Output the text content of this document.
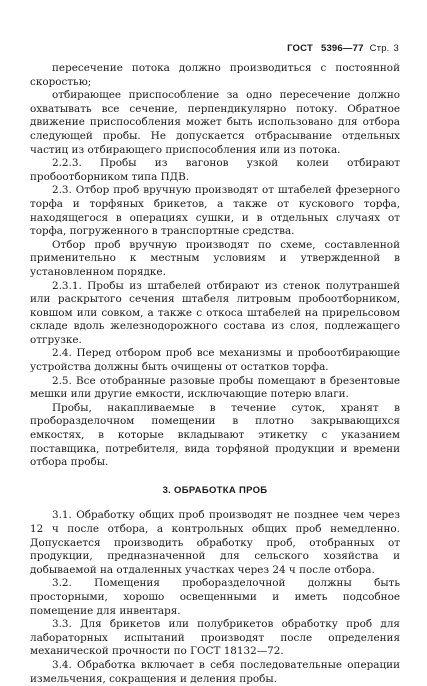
ГОСТ 5396—77 Стр. 3

пересечение потока должно производиться с постоянной скоростью;

отбирающее приспособление за одно пересечение должно охватывать все сечение, перпендикулярно потоку. Обратное движение приспособления может быть использовано для отбора следующей пробы. Не допускается отбрасывание отдельных частиц из отбирающего приспособления или из потока.

2.2.3. Пробы из вагонов узкой колеи отбирают пробоотборником типа ПДВ.

2.3. Отбор проб вручную производят от штабелей фрезерного торфа и торфяных брикетов, а также от кускового торфа, находящегося в операциях сушки, и в отдельных случаях от торфа, погруженного в транспортные средства.

Отбор проб вручную производят по схеме, составленной применительно к местным условиям и утвержденной в установленном порядке.

2.3.1. Пробы из штабелей отбирают из стенок полутраншей или раскрытого сечения штабеля литровым пробоотборником, ковшом или совком, а также с откоса штабелей на прирельсовом складе вдоль железнодорожного состава из слоя, подлежащего отгрузке.

2.4. Перед отбором проб все механизмы и пробоотбирающие устройства должны быть очищены от остатков торфа.

2.5. Все отобранные разовые пробы помещают в брезентовые мешки или другие емкости, исключающие потерю влаги.

Пробы, накапливаемые в течение суток, хранят в проборазделочном помещении в плотно закрывающихся емкостях, в которые вкладывают этикетку с указанием поставщика, потребителя, вида торфяной продукции и времени отбора пробы.

3. ОБРАБОТКА ПРОБ

3.1. Обработку общих проб производят не позднее чем через 12 ч после отбора, а контрольных общих проб немедленно. Допускается производить обработку проб, отобранных от продукции, предназначенной для сельского хозяйства и добываемой на отдаленных участках через 24 ч после отбора.

3.2. Помещения пробоpазделочной должны быть просторными, хорошо освещенными и иметь подсобное помещение для инвентаря.

3.3. Для брикетов или полубрикетов обработку проб для лабораторных испытаний производят после определения механической прочности по ГОСТ 18132—72.

3.4. Обработка включает в себя последовательные операции измельчения, сокращения и деления пробы.
